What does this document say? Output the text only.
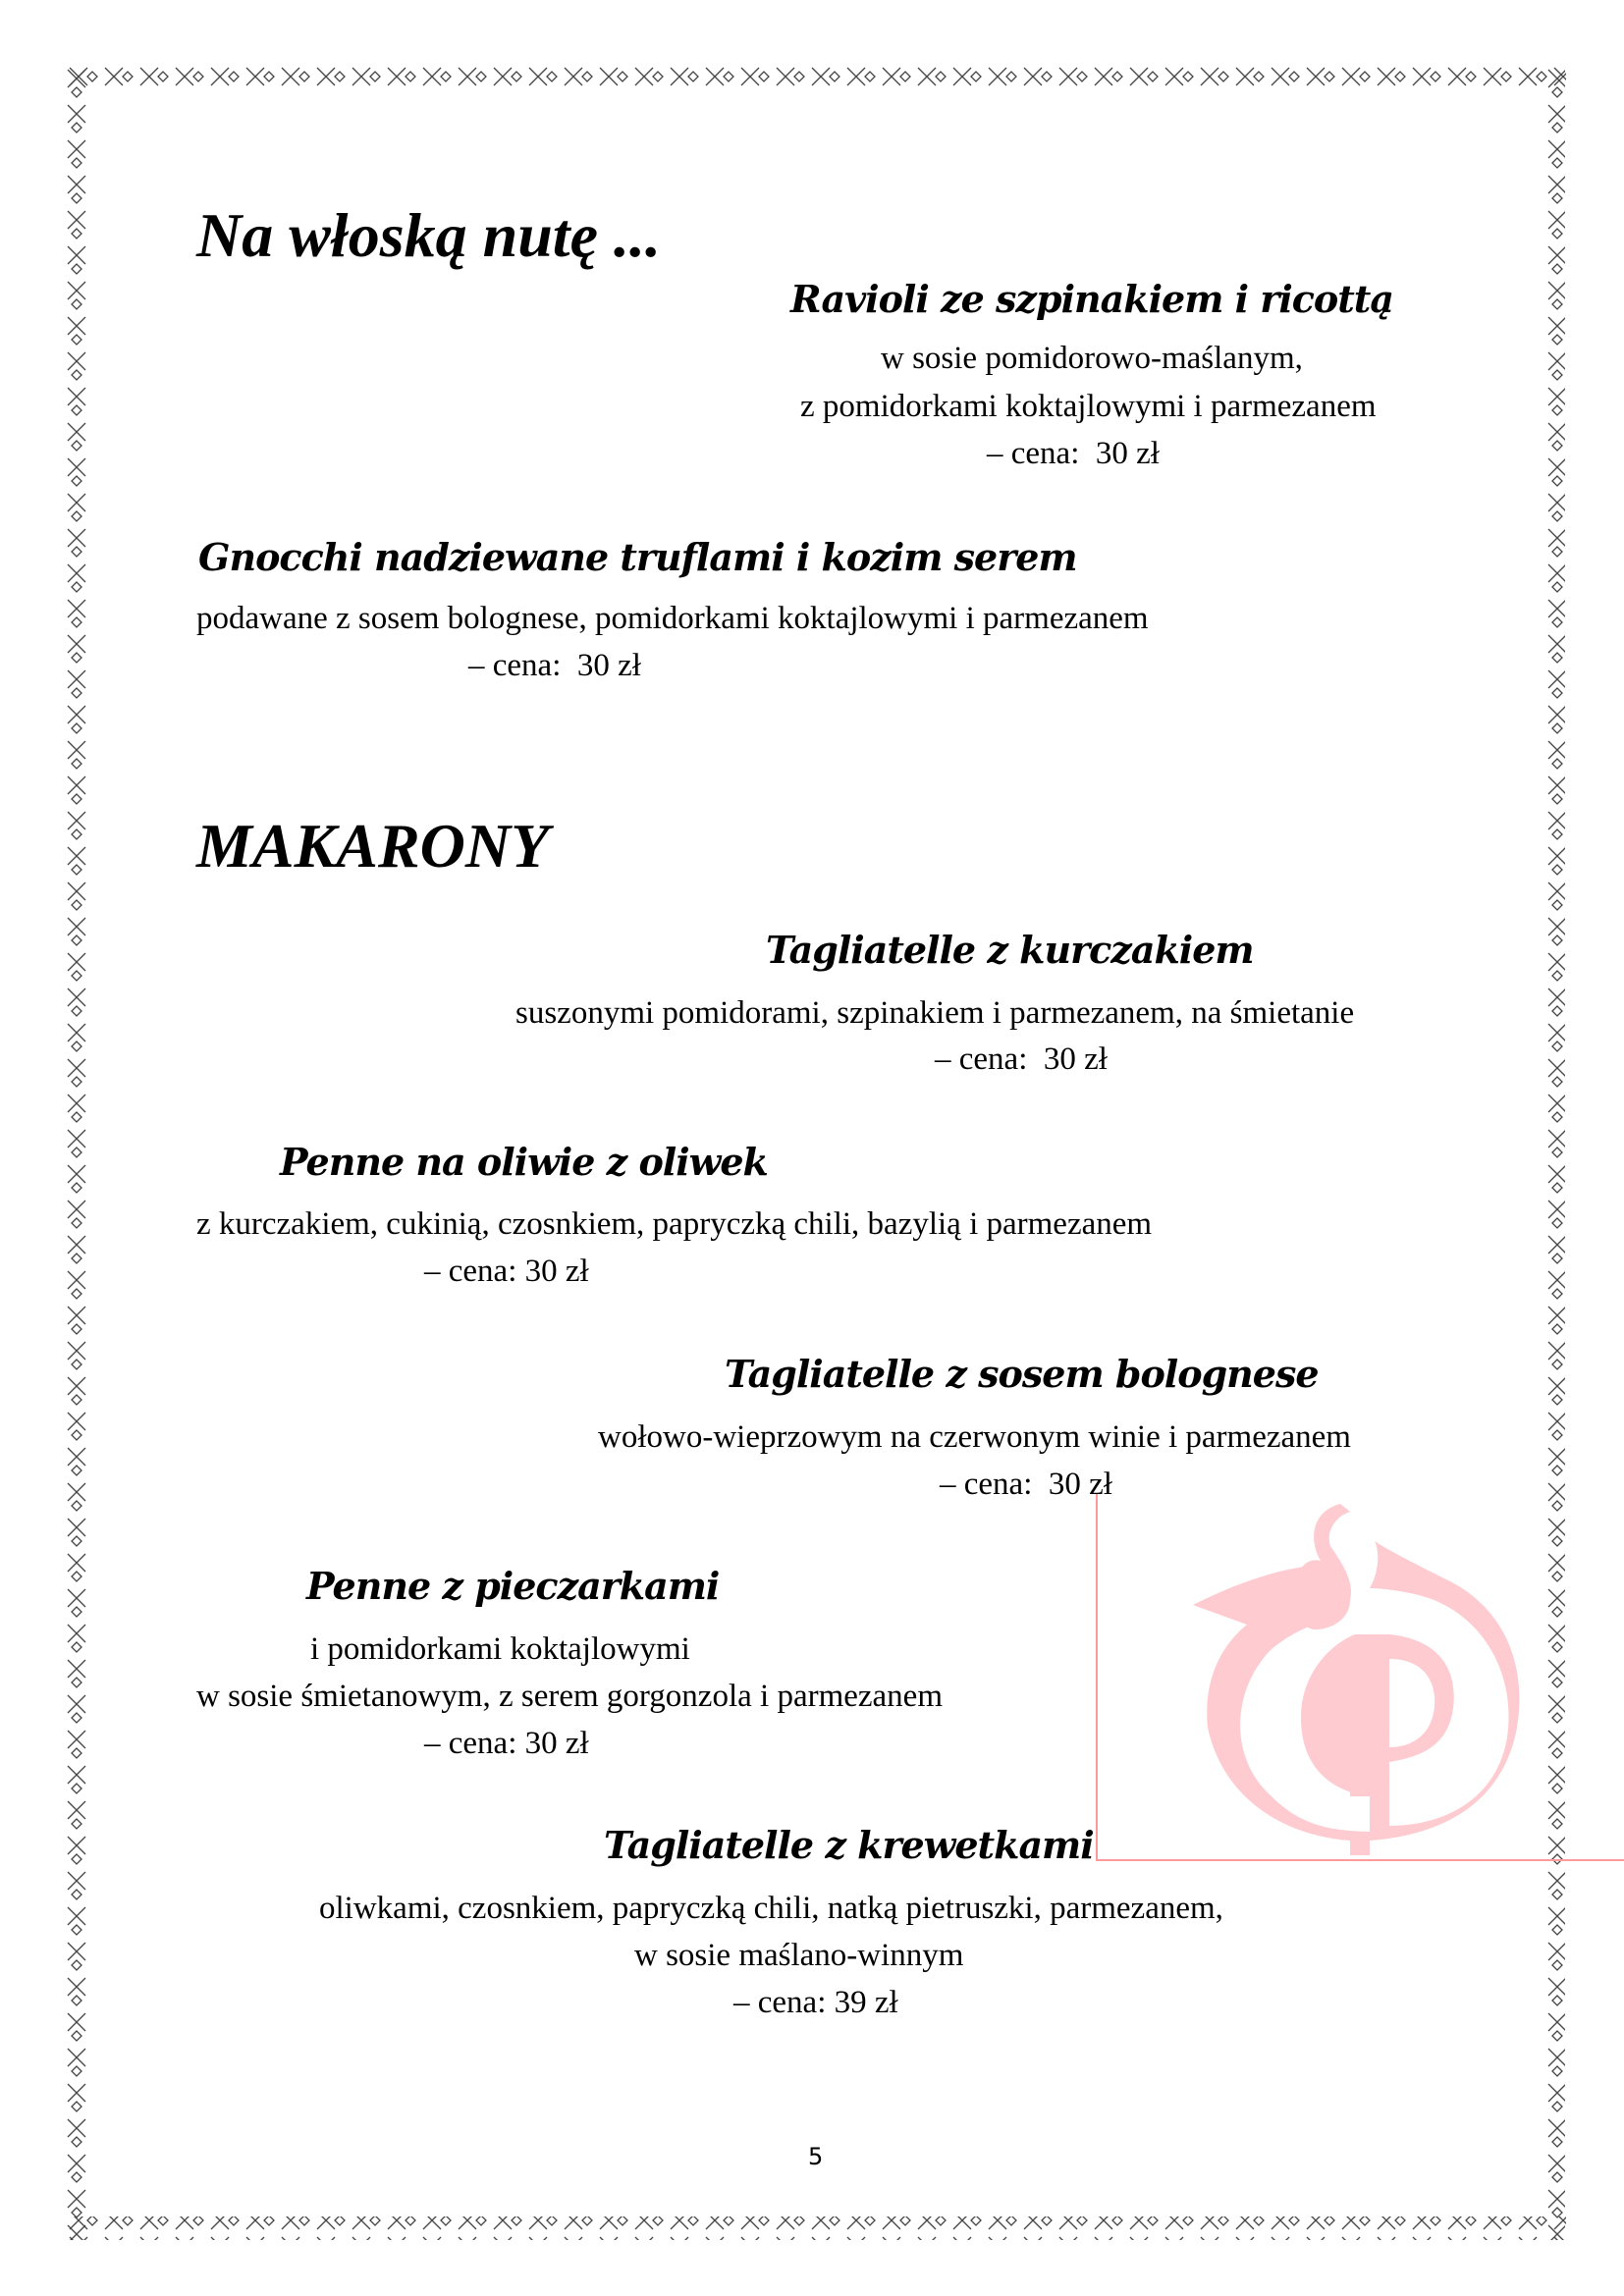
Na włoską nutę ...
Ravioli ze szpinakiem i ricottą
w sosie pomidorowo-maślanym,
z pomidorkami koktajlowymi i parmezanem
– cena:  30 zł
Gnocchi nadziewane truflami i kozim serem
podawane z sosem bolognese, pomidorkami koktajlowymi i parmezanem
– cena:  30 zł
MAKARONY
Tagliatelle z kurczakiem
suszonymi pomidorami, szpinakiem i parmezanem, na śmietanie
– cena:  30 zł
Penne na oliwie z oliwek
z kurczakiem, cukinią, czosnkiem, papryczką chili, bazylią i parmezanem
– cena: 30 zł
Tagliatelle z sosem bolognese
wołowo-wieprzowym na czerwonym winie i parmezanem
– cena:  30 zł
Penne z pieczarkami
i pomidorkami koktajlowymi
w sosie śmietanowym, z serem gorgonzola i parmezanem
– cena: 30 zł
Tagliatelle z krewetkami
oliwkami, czosnkiem, papryczką chili, natką pietruszki, parmezanem,
w sosie maślano-winnym
– cena: 39 zł
5
